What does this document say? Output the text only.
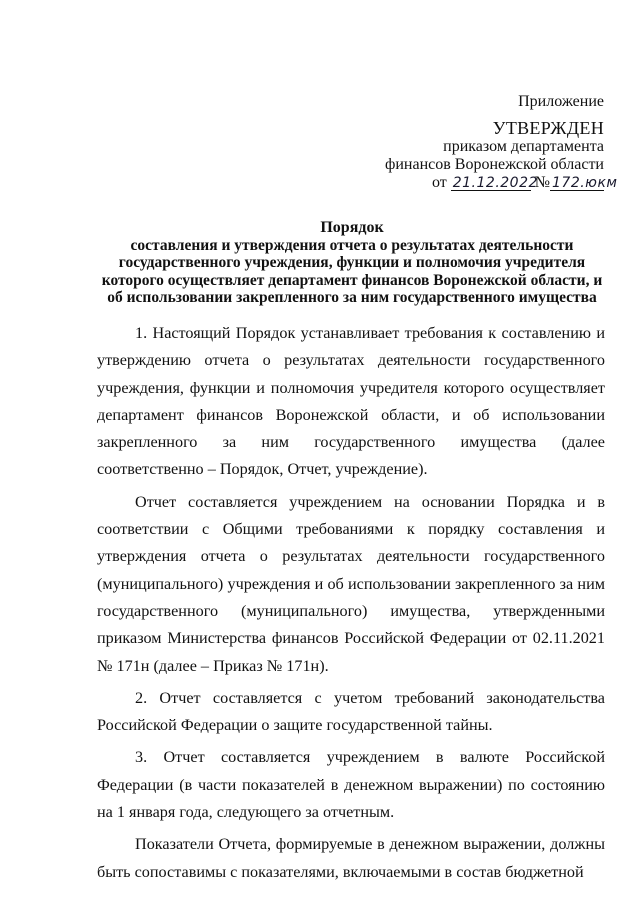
Приложение
УТВЕРЖДЕН
приказом департамента
финансов Воронежской области
от 21.12.2022 № 172.юкм
Порядок
составления и утверждения отчета о результатах деятельности
государственного учреждения, функции и полномочия учредителя
которого осуществляет департамент финансов Воронежской области, и
об использовании закрепленного за ним государственного имущества

1. Настоящий Порядок устанавливает требования к составлению и утверждению отчета о результатах деятельности государственного учреждения, функции и полномочия учредителя которого осуществляет департамент финансов Воронежской области, и об использовании закрепленного за ним государственного имущества (далее соответственно – Порядок, Отчет, учреждение).

Отчет составляется учреждением на основании Порядка и в соответствии с Общими требованиями к порядку составления и утверждения отчета о результатах деятельности государственного (муниципального) учреждения и об использовании закрепленного за ним государственного (муниципального) имущества, утвержденными приказом Министерства финансов Российской Федерации от 02.11.2021 № 171н (далее – Приказ № 171н).

2. Отчет составляется с учетом требований законодательства Российской Федерации о защите государственной тайны.

3. Отчет составляется учреждением в валюте Российской Федерации (в части показателей в денежном выражении) по состоянию на 1 января года, следующего за отчетным.

Показатели Отчета, формируемые в денежном выражении, должны быть сопоставимы с показателями, включаемыми в состав бюджетной
